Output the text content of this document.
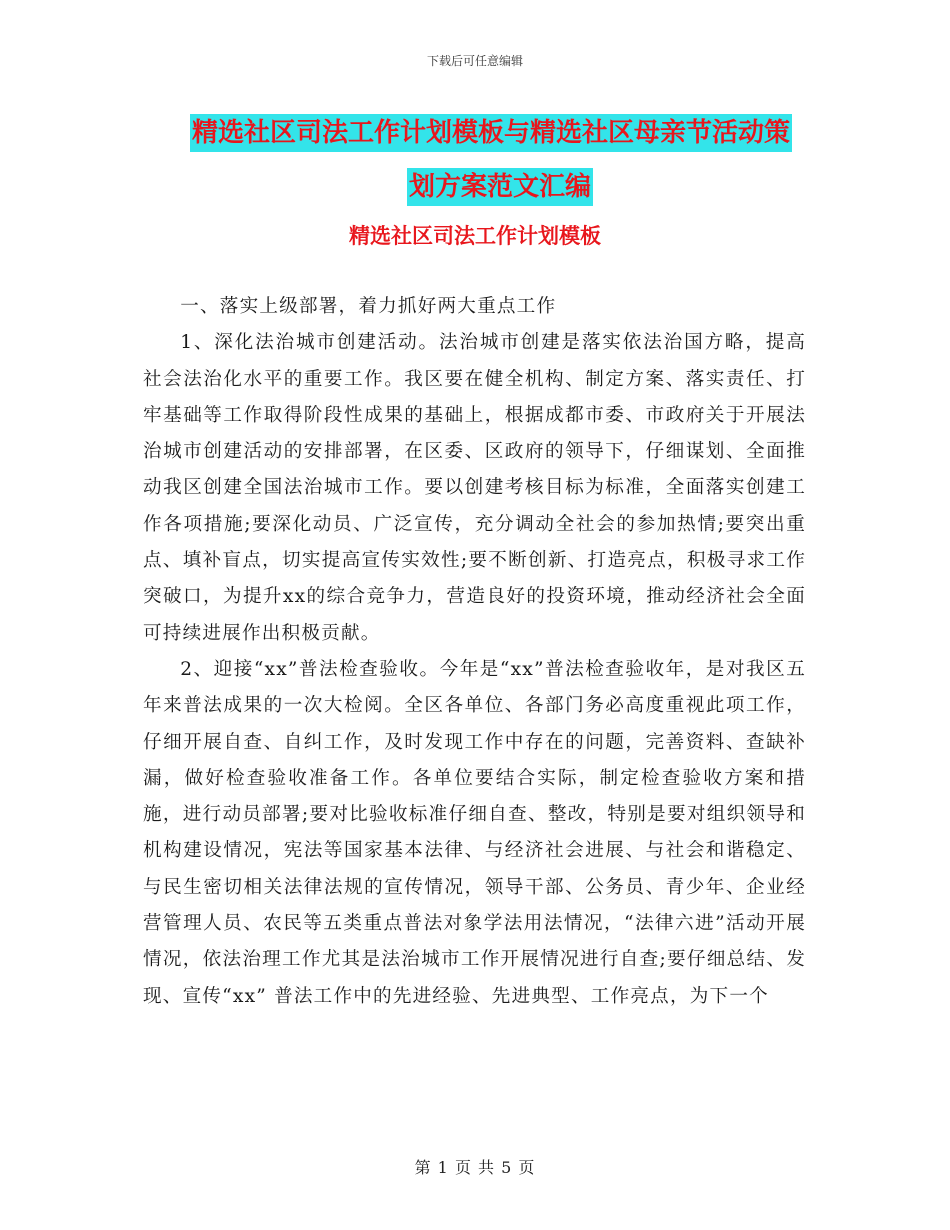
下载后可任意编辑
精选社区司法工作计划模板与精选社区母亲节活动策
划方案范文汇编
精选社区司法工作计划模板

一、落实上级部署，着力抓好两大重点工作

1、深化法治城市创建活动。法治城市创建是落实依法治国方略，提高社会法治化水平的重要工作。我区要在健全机构、制定方案、落实责任、打牢基础等工作取得阶段性成果的基础上，根据成都市委、市政府关于开展法治城市创建活动的安排部署，在区委、区政府的领导下，仔细谋划、全面推动我区创建全国法治城市工作。要以创建考核目标为标准，全面落实创建工作各项措施;要深化动员、广泛宣传，充分调动全社会的参加热情;要突出重点、填补盲点，切实提高宣传实效性;要不断创新、打造亮点，积极寻求工作突破口，为提升xx的综合竞争力，营造良好的投资环境，推动经济社会全面可持续进展作出积极贡献。

2、迎接“xx”普法检查验收。今年是“xx”普法检查验收年，是对我区五年来普法成果的一次大检阅。全区各单位、各部门务必高度重视此项工作，仔细开展自查、自纠工作，及时发现工作中存在的问题，完善资料、查缺补漏，做好检查验收准备工作。各单位要结合实际，制定检查验收方案和措施，进行动员部署;要对比验收标准仔细自查、整改，特别是要对组织领导和机构建设情况，宪法等国家基本法律、与经济社会进展、与社会和谐稳定、与民生密切相关法律法规的宣传情况，领导干部、公务员、青少年、企业经营管理人员、农民等五类重点普法对象学法用法情况，“法律六进”活动开展情况，依法治理工作尤其是法治城市工作开展情况进行自查;要仔细总结、发现、宣传“xx” 普法工作中的先进经验、先进典型、工作亮点，为下一个

第 1 页 共 5 页
